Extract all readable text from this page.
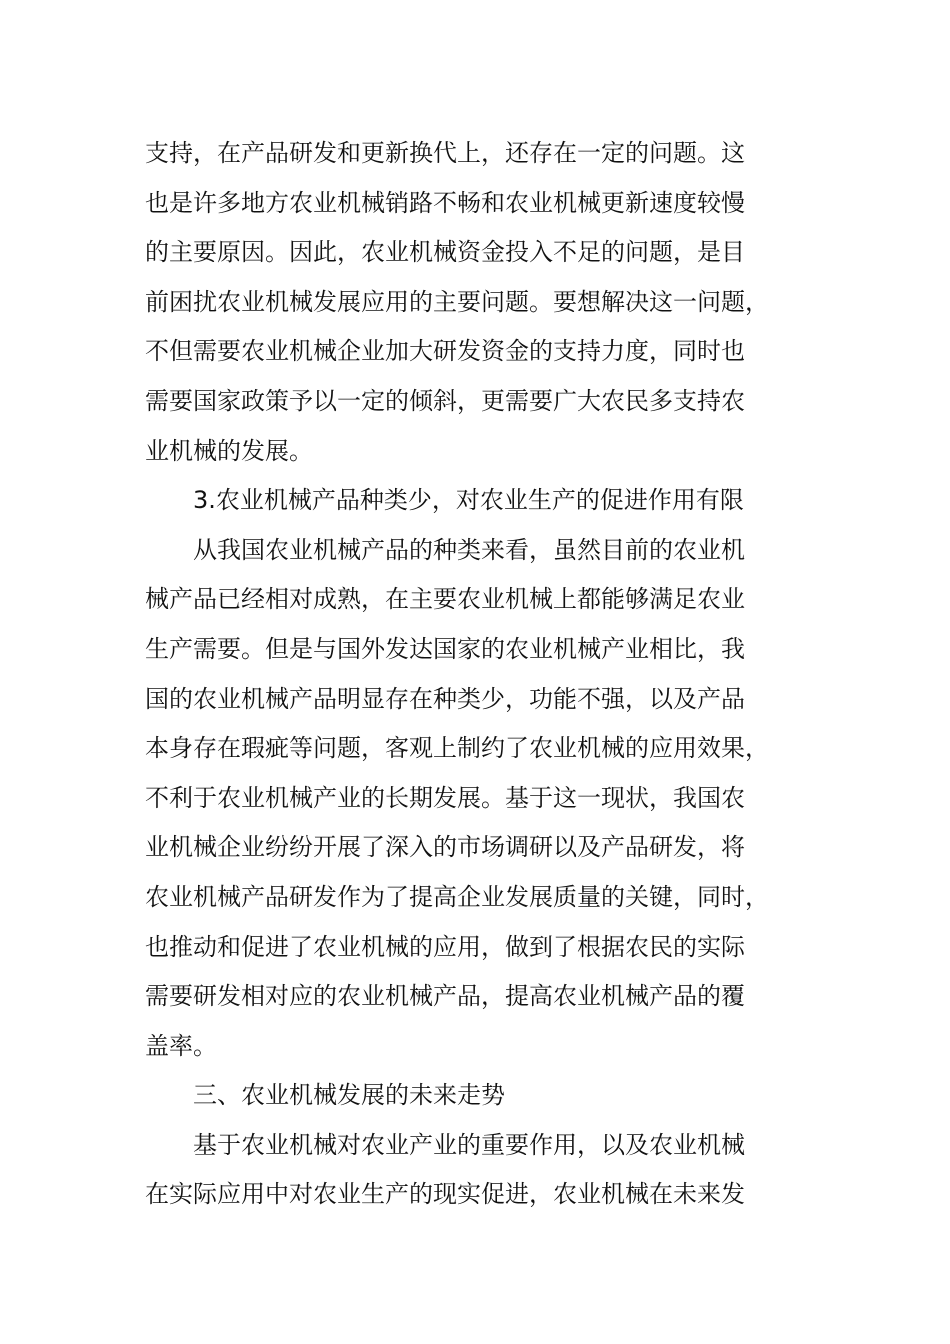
支持，在产品研发和更新换代上，还存在一定的问题。这
也是许多地方农业机械销路不畅和农业机械更新速度较慢
的主要原因。因此，农业机械资金投入不足的问题，是目
前困扰农业机械发展应用的主要问题。要想解决这一问题，
不但需要农业机械企业加大研发资金的支持力度，同时也
需要国家政策予以一定的倾斜，更需要广大农民多支持农
业机械的发展。
3.农业机械产品种类少，对农业生产的促进作用有限
从我国农业机械产品的种类来看，虽然目前的农业机
械产品已经相对成熟，在主要农业机械上都能够满足农业
生产需要。但是与国外发达国家的农业机械产业相比，我
国的农业机械产品明显存在种类少，功能不强，以及产品
本身存在瑕疵等问题，客观上制约了农业机械的应用效果，
不利于农业机械产业的长期发展。基于这一现状，我国农
业机械企业纷纷开展了深入的市场调研以及产品研发，将
农业机械产品研发作为了提高企业发展质量的关键，同时，
也推动和促进了农业机械的应用，做到了根据农民的实际
需要研发相对应的农业机械产品，提高农业机械产品的覆
盖率。
三、农业机械发展的未来走势
基于农业机械对农业产业的重要作用，以及农业机械
在实际应用中对农业生产的现实促进，农业机械在未来发
